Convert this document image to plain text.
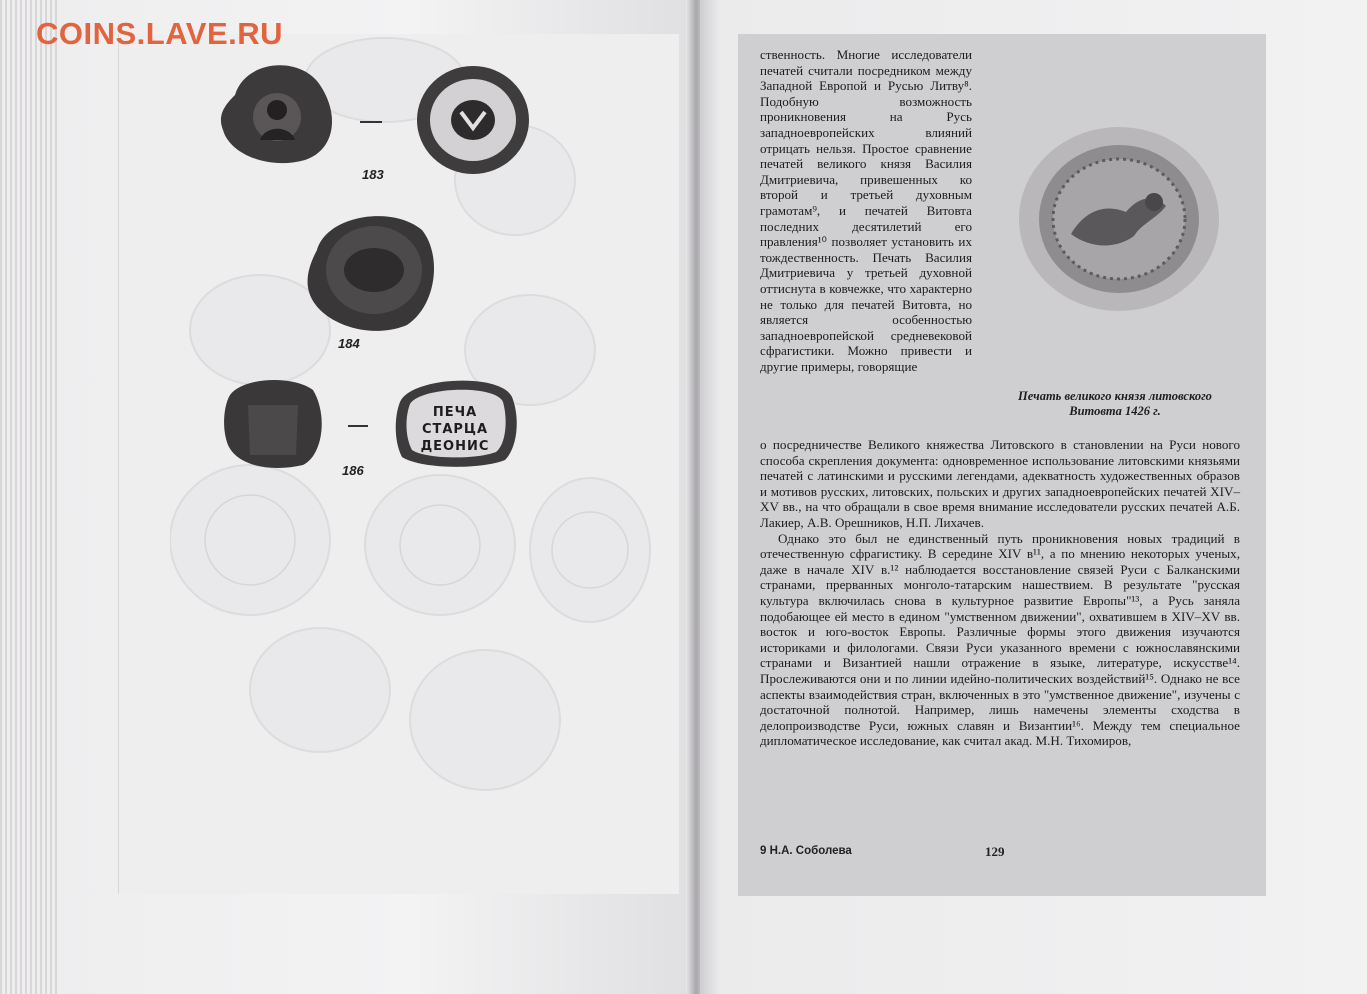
COINS.LAVE.RU

183

184

ПЕЧА
СТАРЦА
ДЕОНИС

186

ственность. Многие исследователи печатей считали посредником между Западной Европой и Русью Литву⁸. Подобную возможность проникновения на Русь западноевропейских влияний отрицать нельзя. Простое сравнение печатей великого князя Василия Дмитриевича, привешенных ко второй и третьей духовным грамотам⁹, и печатей Витовта последних десятилетий его правления¹⁰ позволяет установить их тождественность. Печать Василия Дмитриевича у третьей духовной оттиснута в ковчежке, что характерно не только для печатей Витовта, но является особенностью западноевропейской средневековой сфрагистики. Можно привести и другие примеры, говорящие

Печать великого князя литовского
Витовта 1426 г.

о посредничестве Великого княжества Литовского в становлении на Руси нового способа скрепления документа: одновременное использование литовскими князьями печатей с латинскими и русскими легендами, адекватность художественных образов и мотивов русских, литовских, польских и других западноевропейских печатей XIV–XV вв., на что обращали в свое время внимание исследователи русских печатей А.Б. Лакиер, А.В. Орешников, Н.П. Лихачев.

Однако это был не единственный путь проникновения новых традиций в отечественную сфрагистику. В середине XIV в¹¹, а по мнению некоторых ученых, даже в начале XIV в.¹² наблюдается восстановление связей Руси с Балканскими странами, прерванных монголо-татарским нашествием. В результате "русская культура включилась снова в культурное развитие Европы"¹³, а Русь заняла подобающее ей место в едином "умственном движении", охватившем в XIV–XV вв. восток и юго-восток Европы. Различные формы этого движения изучаются историками и филологами. Связи Руси указанного времени с южнославянскими странами и Византией нашли отражение в языке, литературе, искусстве¹⁴. Прослеживаются они и по линии идейно-политических воздействий¹⁵. Однако не все аспекты взаимодействия стран, включенных в это "умственное движение", изучены с достаточной полнотой. Например, лишь намечены элементы сходства в делопроизводстве Руси, южных славян и Византии¹⁶. Между тем специальное дипломатическое исследование, как считал акад. М.Н. Тихомиров,

9 Н.А. Соболева	129
